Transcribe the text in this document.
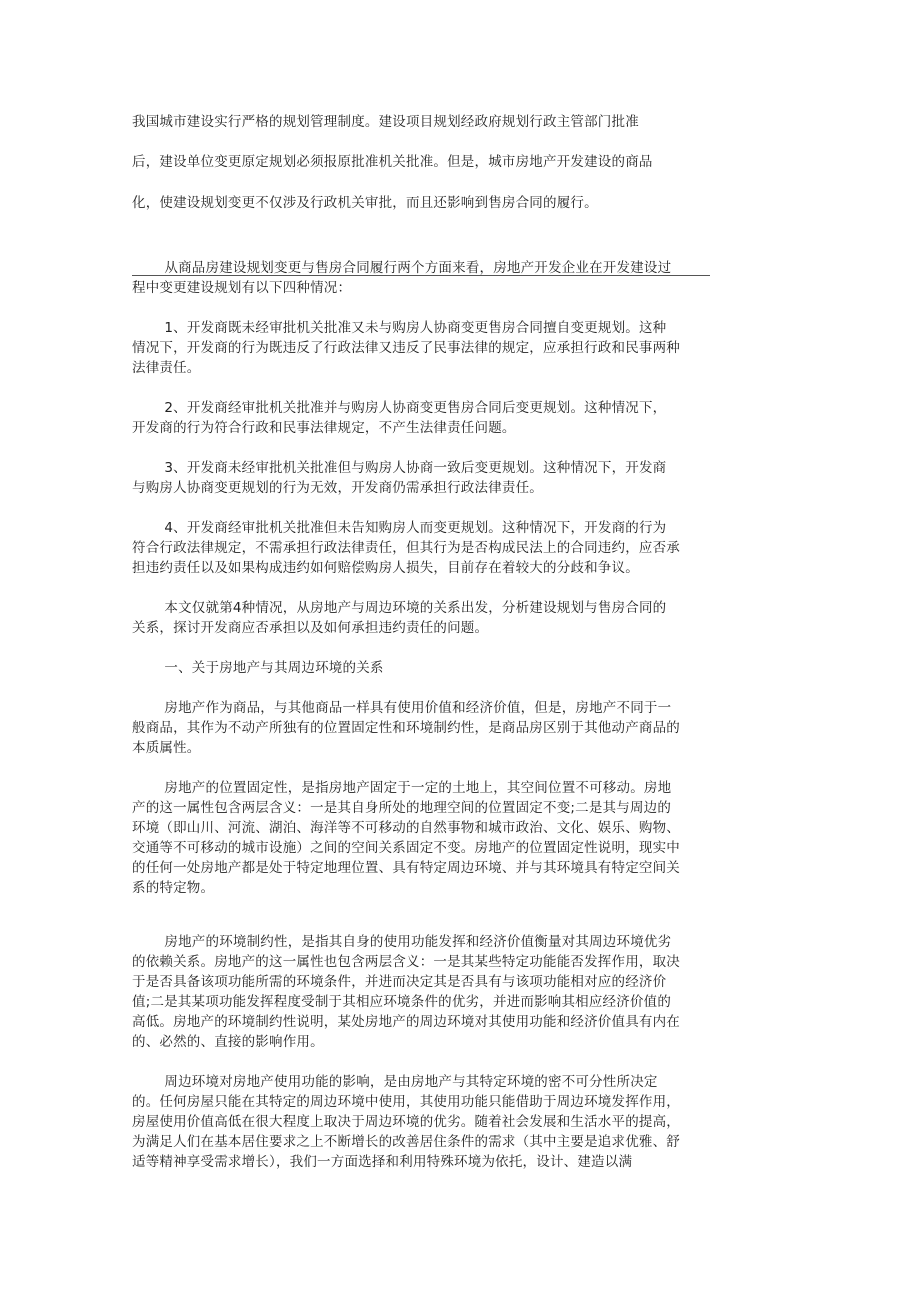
我国城市建设实行严格的规划管理制度。建设项目规划经政府规划行政主管部门批准
后，建设单位变更原定规划必须报原批准机关批准。但是，城市房地产开发建设的商品
化，使建设规划变更不仅涉及行政机关审批，而且还影响到售房合同的履行。

从商品房建设规划变更与售房合同履行两个方面来看，房地产开发企业在开发建设过程中变更建设规划有以下四种情况：

1、开发商既未经审批机关批准又未与购房人协商变更售房合同擅自变更规划。这种情况下，开发商的行为既违反了行政法律又违反了民事法律的规定，应承担行政和民事两种法律责任。

2、开发商经审批机关批准并与购房人协商变更售房合同后变更规划。这种情况下，开发商的行为符合行政和民事法律规定，不产生法律责任问题。

3、开发商未经审批机关批准但与购房人协商一致后变更规划。这种情况下，开发商与购房人协商变更规划的行为无效，开发商仍需承担行政法律责任。

4、开发商经审批机关批准但未告知购房人而变更规划。这种情况下，开发商的行为符合行政法律规定，不需承担行政法律责任，但其行为是否构成民法上的合同违约，应否承担违约责任以及如果构成违约如何赔偿购房人损失，目前存在着较大的分歧和争议。

本文仅就第4种情况，从房地产与周边环境的关系出发，分析建设规划与售房合同的关系，探讨开发商应否承担以及如何承担违约责任的问题。

一、关于房地产与其周边环境的关系

房地产作为商品，与其他商品一样具有使用价值和经济价值，但是，房地产不同于一般商品，其作为不动产所独有的位置固定性和环境制约性，是商品房区别于其他动产商品的本质属性。

房地产的位置固定性，是指房地产固定于一定的土地上，其空间位置不可移动。房地产的这一属性包含两层含义：一是其自身所处的地理空间的位置固定不变;二是其与周边的环境（即山川、河流、湖泊、海洋等不可移动的自然事物和城市政治、文化、娱乐、购物、交通等不可移动的城市设施）之间的空间关系固定不变。房地产的位置固定性说明，现实中的任何一处房地产都是处于特定地理位置、具有特定周边环境、并与其环境具有特定空间关系的特定物。

房地产的环境制约性，是指其自身的使用功能发挥和经济价值衡量对其周边环境优劣的依赖关系。房地产的这一属性也包含两层含义：一是其某些特定功能能否发挥作用，取决于是否具备该项功能所需的环境条件，并进而决定其是否具有与该项功能相对应的经济价值;二是其某项功能发挥程度受制于其相应环境条件的优劣，并进而影响其相应经济价值的高低。房地产的环境制约性说明，某处房地产的周边环境对其使用功能和经济价值具有内在的、必然的、直接的影响作用。

周边环境对房地产使用功能的影响，是由房地产与其特定环境的密不可分性所决定的。任何房屋只能在其特定的周边环境中使用，其使用功能只能借助于周边环境发挥作用，房屋使用价值高低在很大程度上取决于周边环境的优劣。随着社会发展和生活水平的提高，为满足人们在基本居住要求之上不断增长的改善居住条件的需求（其中主要是追求优雅、舒适等精神享受需求增长），我们一方面选择和利用特殊环境为依托，设计、建造以满
